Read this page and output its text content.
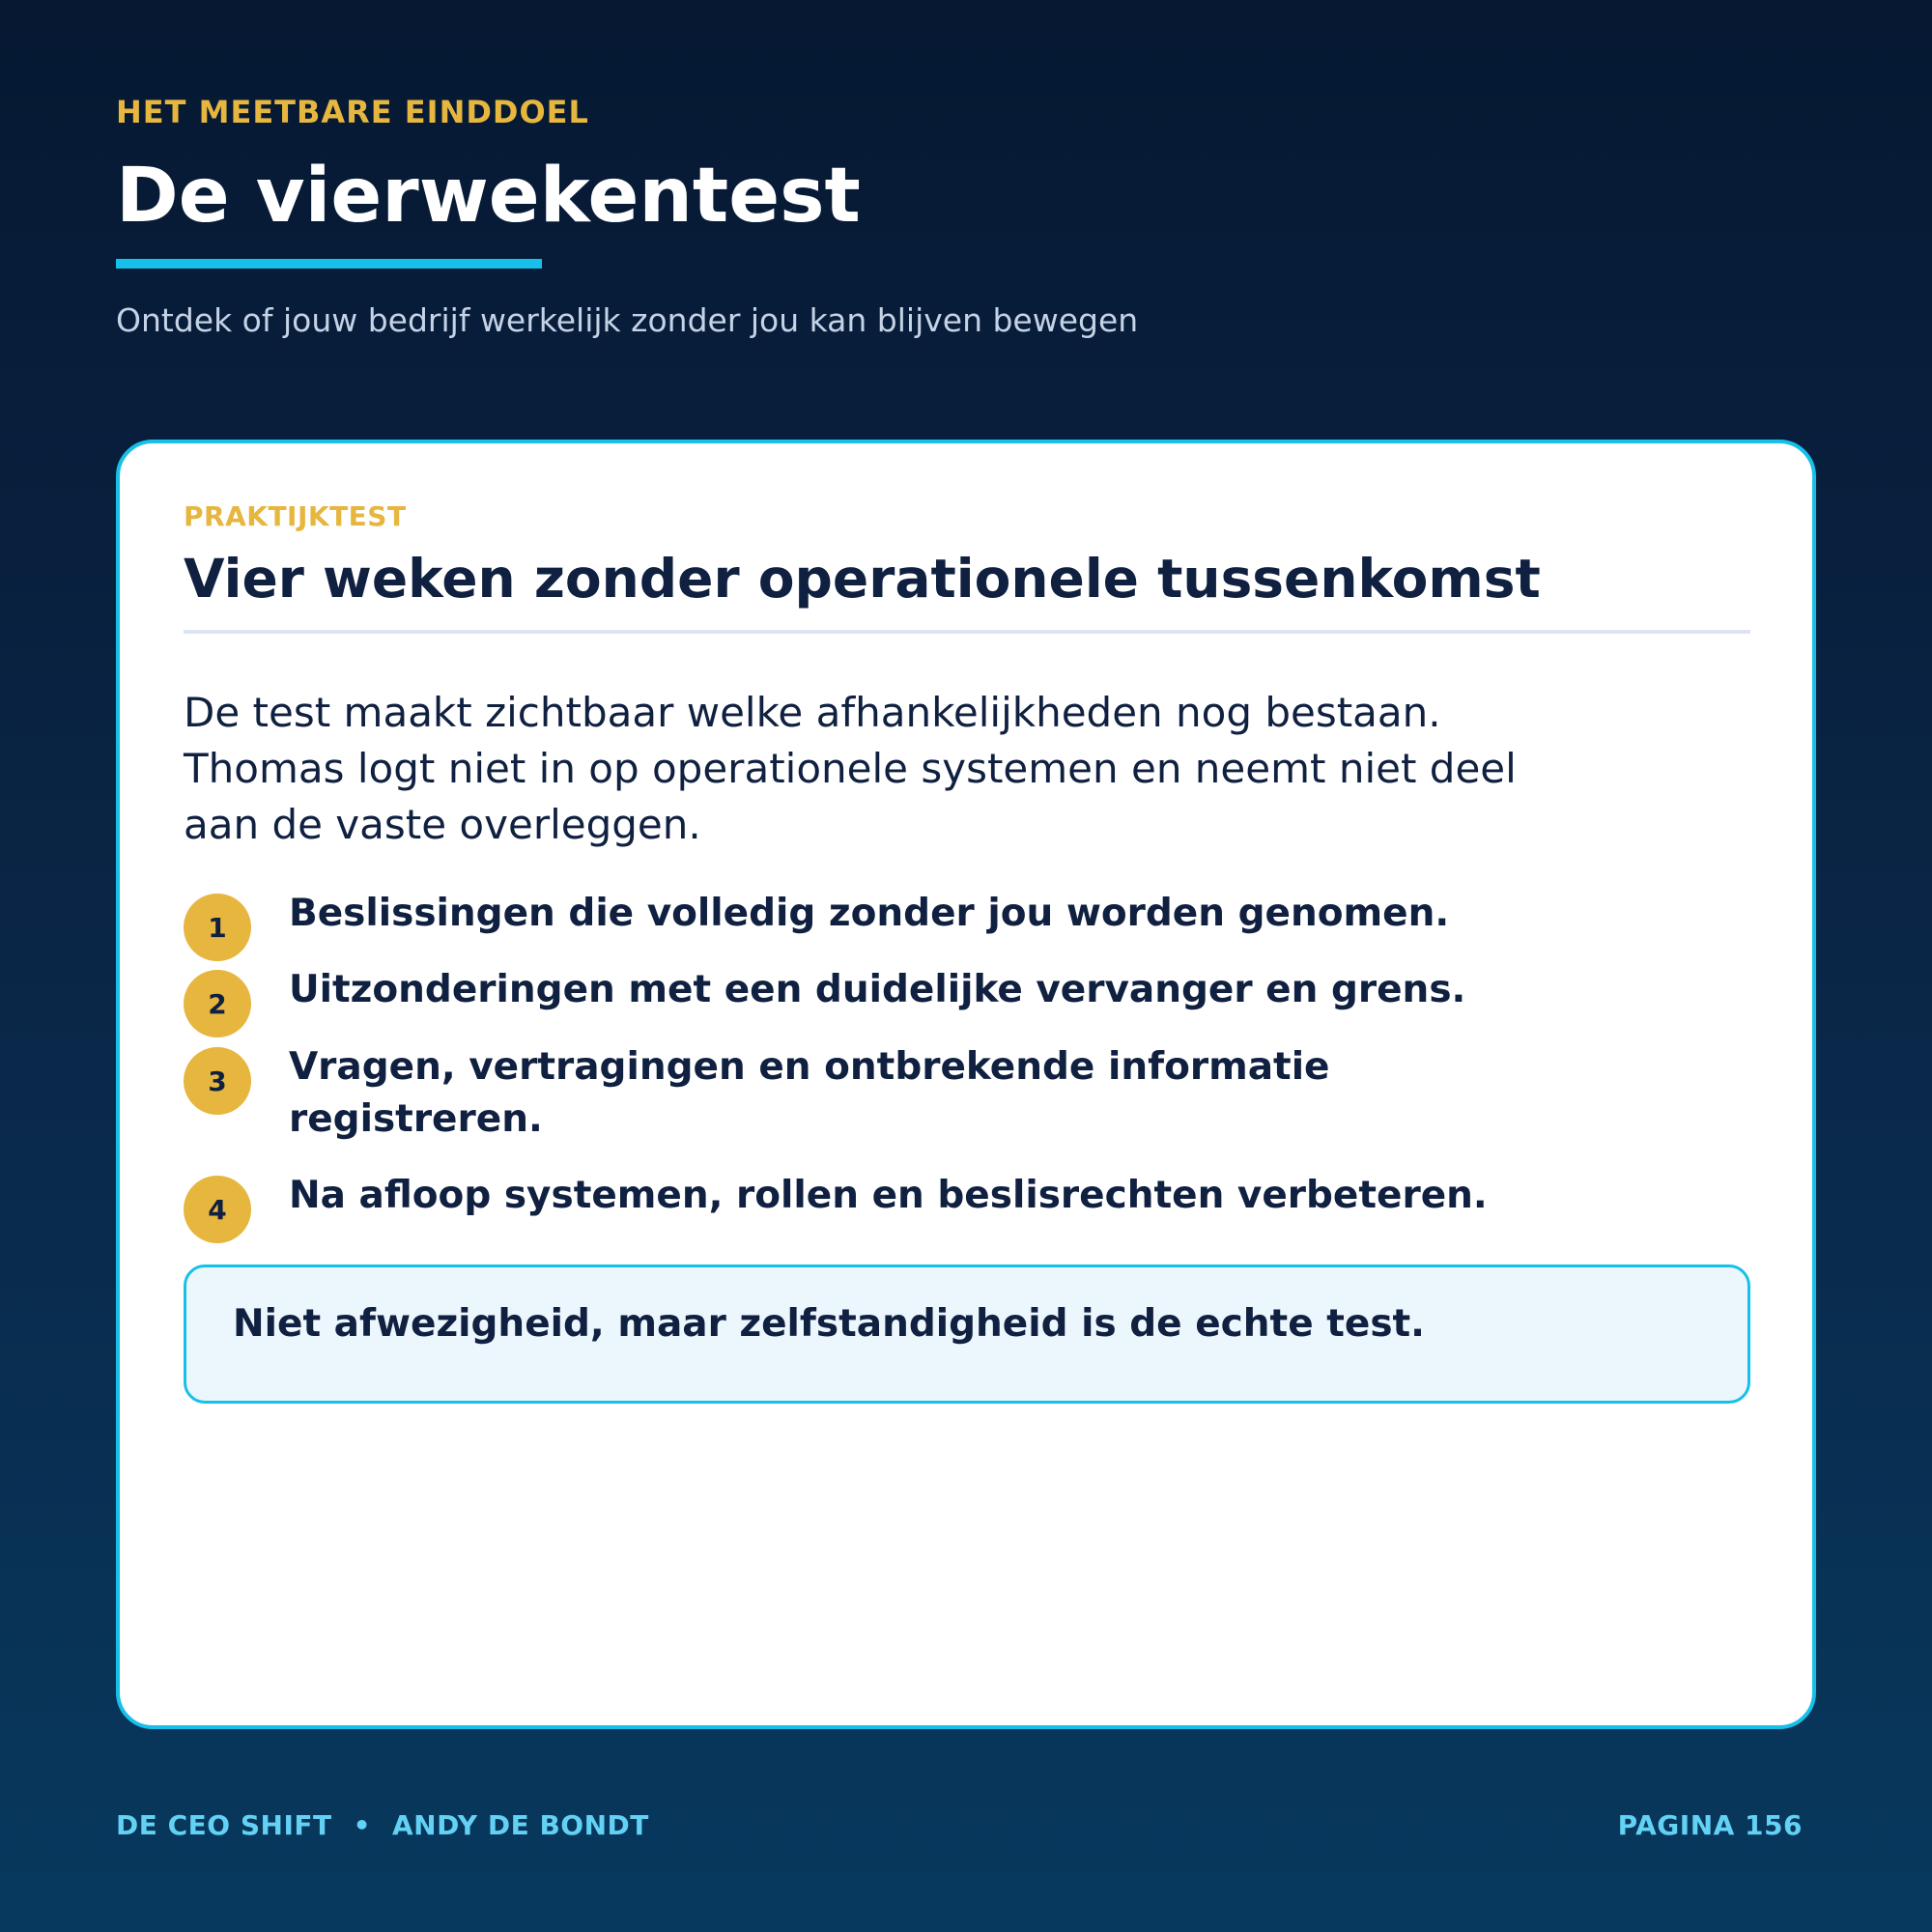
HET MEETBARE EINDDOEL
De vierwekentest
Ontdek of jouw bedrijf werkelijk zonder jou kan blijven bewegen
PRAKTIJKTEST
Vier weken zonder operationele tussenkomst
De test maakt zichtbaar welke afhankelijkheden nog bestaan. Thomas logt niet in op operationele systemen en neemt niet deel aan de vaste overleggen.
1	Beslissingen die volledig zonder jou worden genomen.
2	Uitzonderingen met een duidelijke vervanger en grens.
3	Vragen, vertragingen en ontbrekende informatie registreren.
4	Na afloop systemen, rollen en beslisrechten verbeteren.
Niet afwezigheid, maar zelfstandigheid is de echte test.
DE CEO SHIFT • ANDY DE BONDT	PAGINA 156
